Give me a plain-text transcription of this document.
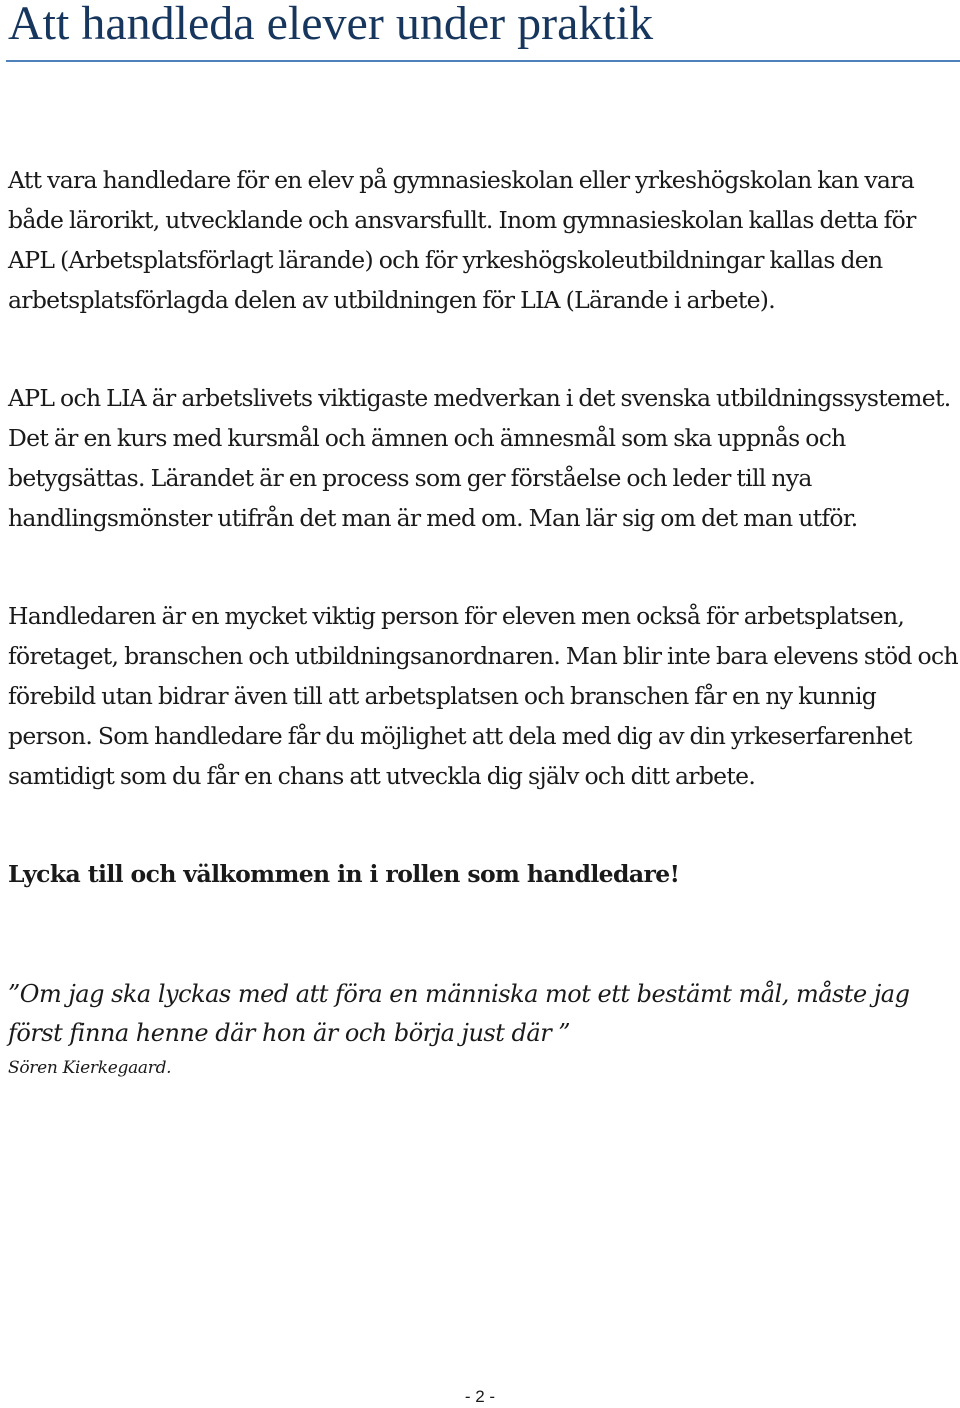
Att handleda elever under praktik

Att vara handledare för en elev på gymnasieskolan eller yrkeshögskolan kan vara både lärorikt, utvecklande och ansvarsfullt. Inom gymnasieskolan kallas detta för APL (Arbetsplatsförlagt lärande) och för yrkeshögskoleutbildningar kallas den arbetsplatsförlagda delen av utbildningen för LIA (Lärande i arbete).

APL och LIA är arbetslivets viktigaste medverkan i det svenska utbildningssystemet. Det är en kurs med kursmål och ämnen och ämnesmål som ska uppnås och betygsättas. Lärandet är en process som ger förståelse och leder till nya handlingsmönster utifrån det man är med om. Man lär sig om det man utför.

Handledaren är en mycket viktig person för eleven men också för arbetsplatsen, företaget, branschen och utbildningsanordnaren. Man blir inte bara elevens stöd och förebild utan bidrar även till att arbetsplatsen och branschen får en ny kunnig person. Som handledare får du möjlighet att dela med dig av din yrkeserfarenhet samtidigt som du får en chans att utveckla dig själv och ditt arbete.

Lycka till och välkommen in i rollen som handledare!

”Om jag ska lyckas med att föra en människa mot ett bestämt mål, måste jag först finna henne där hon är och börja just där ”

Sören Kierkegaard.

- 2 -
